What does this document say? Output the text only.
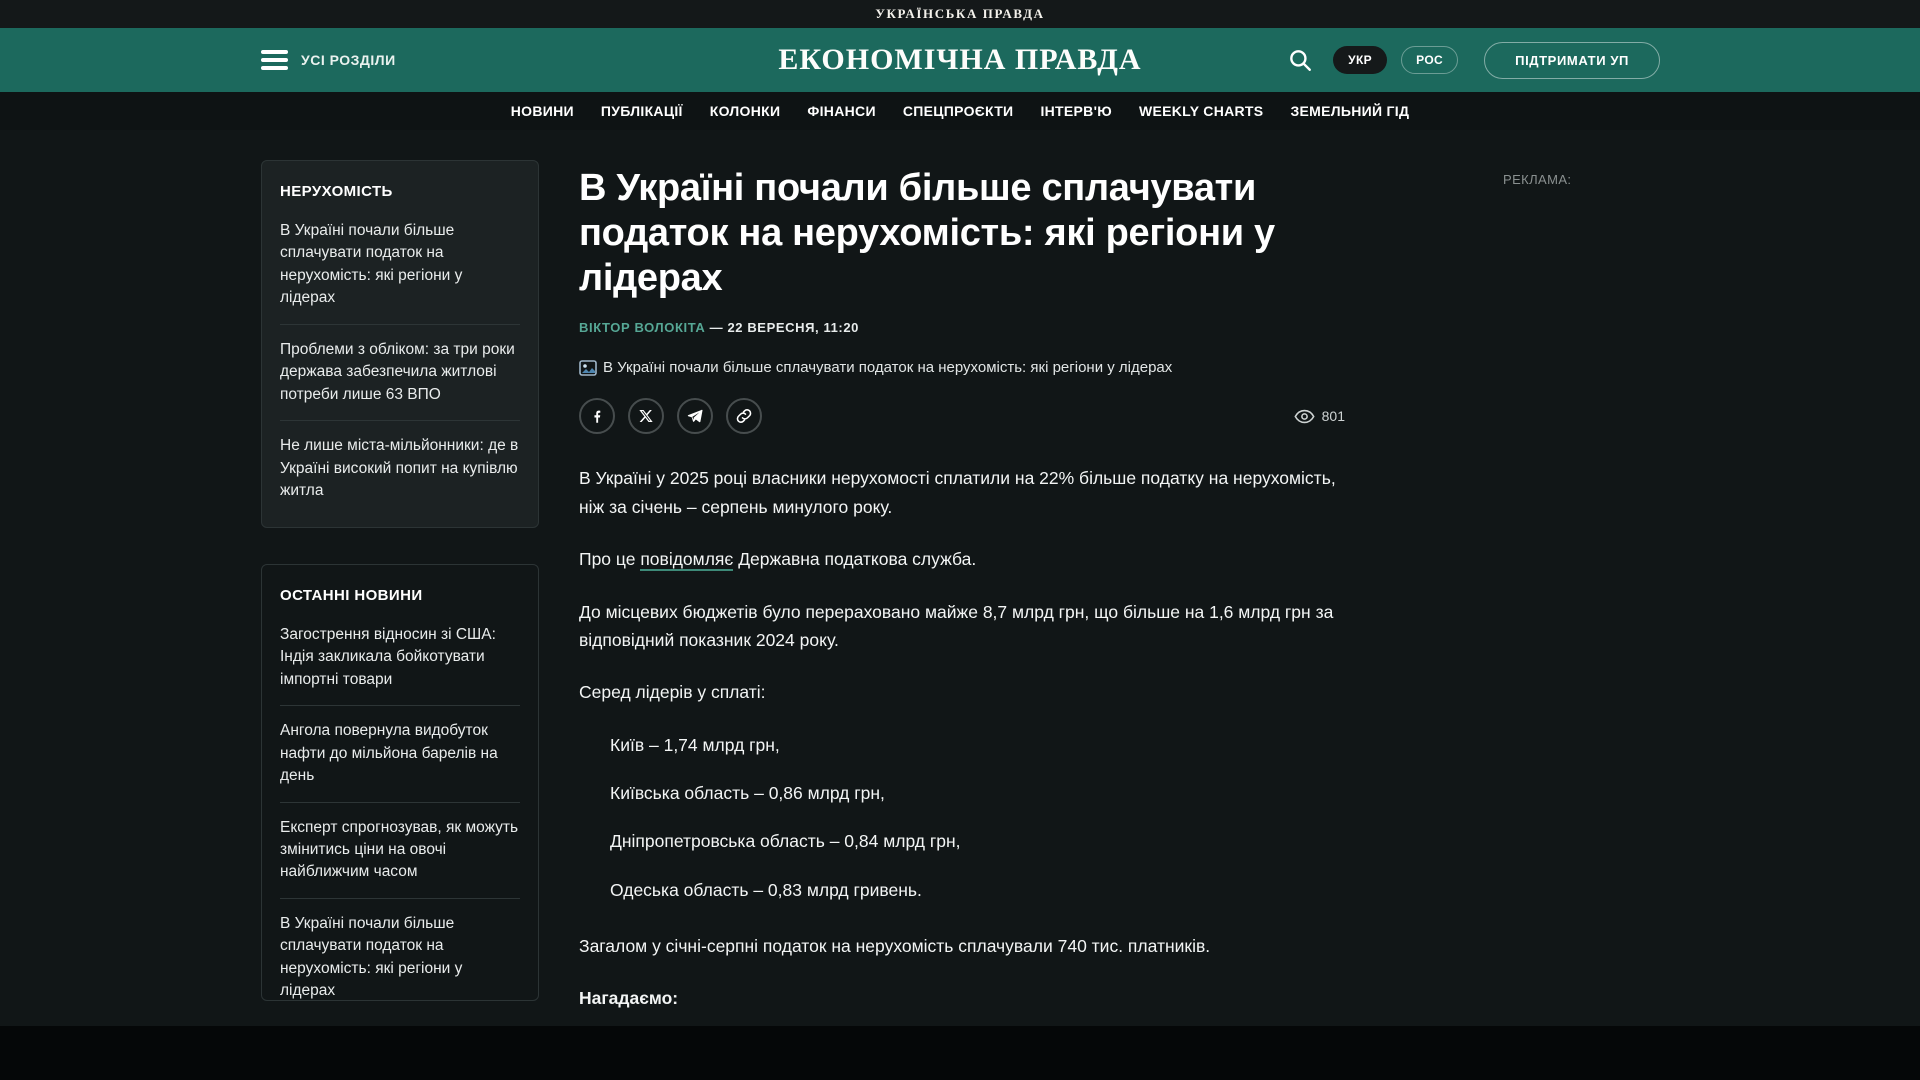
УКРАЇНСЬКА ПРАВДА
УСІ РОЗДІЛИ	ЕКОНОМІЧНА ПРАВДА	УКР	РОС	ПІДТРИМАТИ УП
НОВИНИ ПУБЛІКАЦІЇ КОЛОНКИ ФІНАНСИ СПЕЦПРОЄКТИ ІНТЕРВ'Ю WEEKLY CHARTS ЗЕМЕЛЬНИЙ ГІД
НЕРУХОМІСТЬ
В Україні почали більше сплачувати податок на нерухомість: які регіони у лідерах
Проблеми з обліком: за три роки держава забезпечила житлові потреби лише 63 ВПО
Не лише міста-мільйонники: де в Україні високий попит на купівлю житла
ОСТАННІ НОВИНИ
Загострення відносин зі США: Індія закликала бойкотувати імпортні товари
Ангола повернула видобуток нафти до мільйона барелів на день
Експерт спрогнозував, як можуть змінитись ціни на овочі найближчим часом
В Україні почали більше сплачувати податок на нерухомість: які регіони у лідерах
В Україні почали більше сплачувати податок на нерухомість: які регіони у лідерах
ВІКТОР ВОЛОКІТА — 22 ВЕРЕСНЯ, 11:20
В Україні почали більше сплачувати податок на нерухомість: які регіони у лідерах
801

В Україні у 2025 році власники нерухомості сплатили на 22% більше податку на нерухомість, ніж за січень – серпень минулого року.

Про це повідомляє Державна податкова служба.

До місцевих бюджетів було перераховано майже 8,7 млрд грн, що більше на 1,6 млрд грн за відповідний показник 2024 року.

Серед лідерів у сплаті:

Київ – 1,74 млрд грн,
Київська область – 0,86 млрд грн,
Дніпропетровська область – 0,84 млрд грн,
Одеська область – 0,83 млрд гривень.

Загалом у січні-серпні податок на нерухомість сплачували 740 тис. платників.

Нагадаємо:

РЕКЛАМА:
